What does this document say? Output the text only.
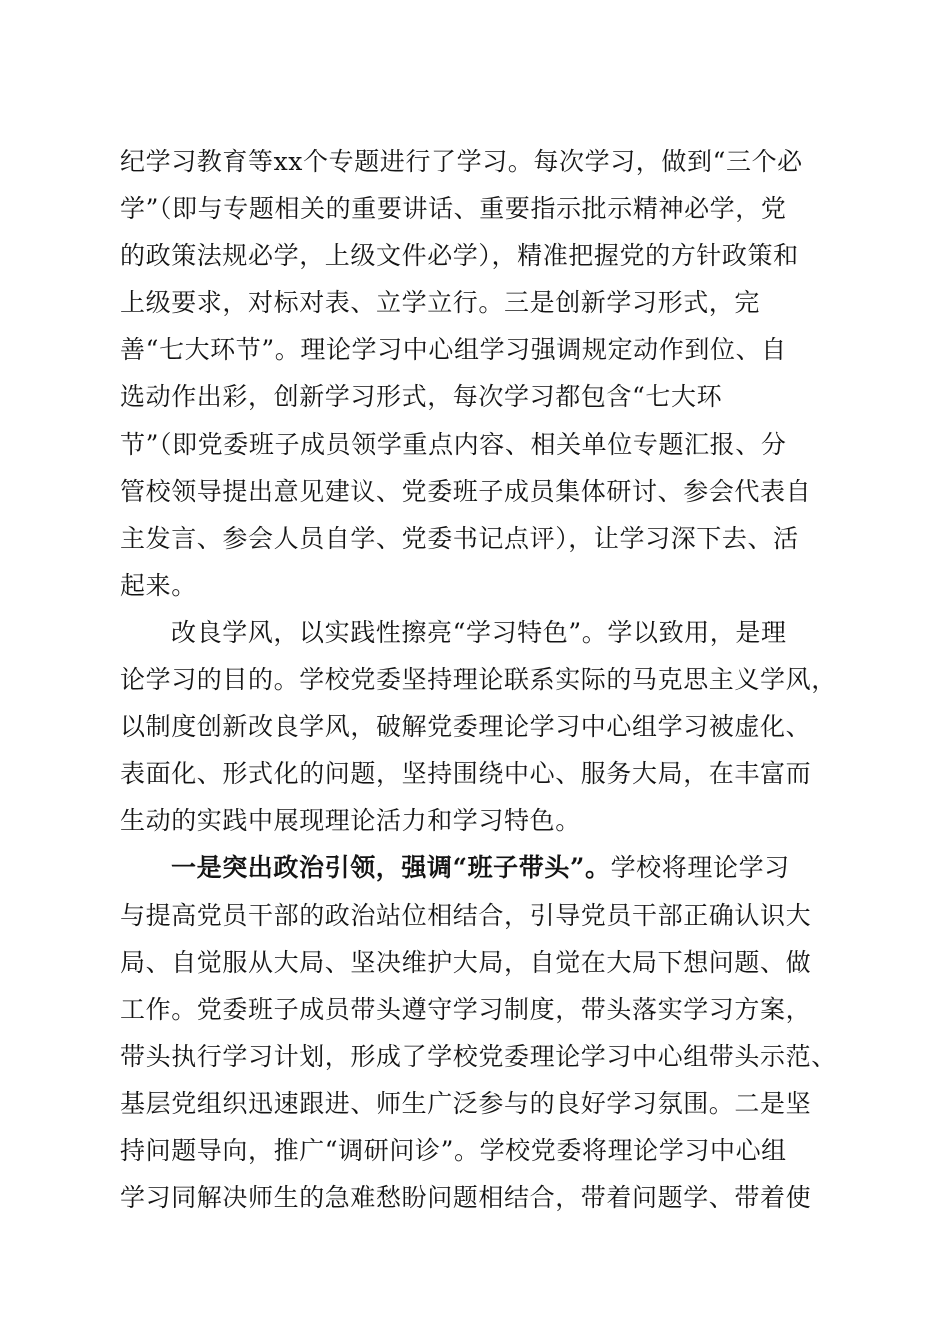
纪学习教育等xx个专题进行了学习。每次学习，做到“三个必
学”（即与专题相关的重要讲话、重要指示批示精神必学，党
的政策法规必学，上级文件必学），精准把握党的方针政策和
上级要求，对标对表、立学立行。三是创新学习形式，完
善“七大环节”。理论学习中心组学习强调规定动作到位、自
选动作出彩，创新学习形式，每次学习都包含“七大环
节”（即党委班子成员领学重点内容、相关单位专题汇报、分
管校领导提出意见建议、党委班子成员集体研讨、参会代表自
主发言、参会人员自学、党委书记点评），让学习深下去、活
起来。
改良学风，以实践性擦亮“学习特色”。学以致用，是理
论学习的目的。学校党委坚持理论联系实际的马克思主义学风，
以制度创新改良学风，破解党委理论学习中心组学习被虚化、
表面化、形式化的问题，坚持围绕中心、服务大局，在丰富而
生动的实践中展现理论活力和学习特色。
一是突出政治引领，强调“班子带头”。学校将理论学习
与提高党员干部的政治站位相结合，引导党员干部正确认识大
局、自觉服从大局、坚决维护大局，自觉在大局下想问题、做
工作。党委班子成员带头遵守学习制度，带头落实学习方案，
带头执行学习计划，形成了学校党委理论学习中心组带头示范、
基层党组织迅速跟进、师生广泛参与的良好学习氛围。二是坚
持问题导向，推广“调研问诊”。学校党委将理论学习中心组
学习同解决师生的急难愁盼问题相结合，带着问题学、带着使
